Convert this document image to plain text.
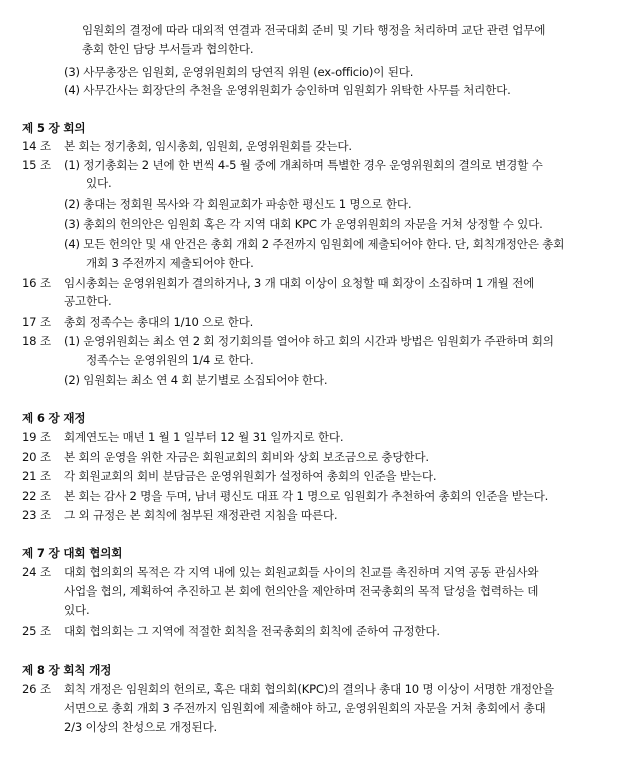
임원회의 결정에 따라 대외적 연결과 전국대회 준비 및 기타 행정을 처리하며 교단 관련 업무에
총회 한인 담당 부서들과 협의한다.
(3) 사무총장은 임원회, 운영위원회의 당연직 위원 (ex-officio)이 된다.
(4) 사무간사는 회장단의 추천을 운영위원회가 승인하며 임원회가 위탁한 사무를 처리한다.
제 5 장 회의
14 조 본 회는 정기총회, 임시총회, 임원회, 운영위원회를 갖는다.
15 조 (1) 정기총회는 2 년에 한 번씩 4-5 월 중에 개최하며 특별한 경우 운영위원회의 결의로 변경할 수
있다.
(2) 총대는 정회원 목사와 각 회원교회가 파송한 평신도 1 명으로 한다.
(3) 총회의 헌의안은 임원회 혹은 각 지역 대회 KPC 가 운영위원회의 자문을 거쳐 상정할 수 있다.
(4) 모든 헌의안 및 새 안건은 총회 개회 2 주전까지 임원회에 제출되어야 한다. 단, 회칙개정안은 총회
개회 3 주전까지 제출되어야 한다.
16 조 임시총회는 운영위원회가 결의하거나, 3 개 대회 이상이 요청할 때 회장이 소집하며 1 개월 전에
공고한다.
17 조 총회 정족수는 총대의 1/10 으로 한다.
18 조 (1) 운영위원회는 최소 연 2 회 정기회의를 열어야 하고 회의 시간과 방법은 임원회가 주관하며 회의
정족수는 운영위원의 1/4 로 한다.
(2) 임원회는 최소 연 4 회 분기별로 소집되어야 한다.
제 6 장 재정
19 조 회계연도는 매년 1 월 1 일부터 12 월 31 일까지로 한다.
20 조 본 회의 운영을 위한 자금은 회원교회의 회비와 상회 보조금으로 충당한다.
21 조 각 회원교회의 회비 분담금은 운영위원회가 설정하여 총회의 인준을 받는다.
22 조 본 회는 감사 2 명을 두며, 남녀 평신도 대표 각 1 명으로 임원회가 추천하여 총회의 인준을 받는다.
23 조 그 외 규정은 본 회칙에 첨부된 재정관련 지침을 따른다.
제 7 장 대회 협의회
24 조 대회 협의회의 목적은 각 지역 내에 있는 회원교회들 사이의 친교를 촉진하며 지역 공동 관심사와
사업을 협의, 계획하여 추진하고 본 회에 헌의안을 제안하며 전국총회의 목적 달성을 협력하는 데
있다.
25 조 대회 협의회는 그 지역에 적절한 회칙을 전국총회의 회칙에 준하여 규정한다.
제 8 장 회칙 개정
26 조 회칙 개정은 임원회의 헌의로, 혹은 대회 협의회(KPC)의 결의나 총대 10 명 이상이 서명한 개정안을
서면으로 총회 개회 3 주전까지 임원회에 제출해야 하고, 운영위원회의 자문을 거쳐 총회에서 총대
2/3 이상의 찬성으로 개정된다.
